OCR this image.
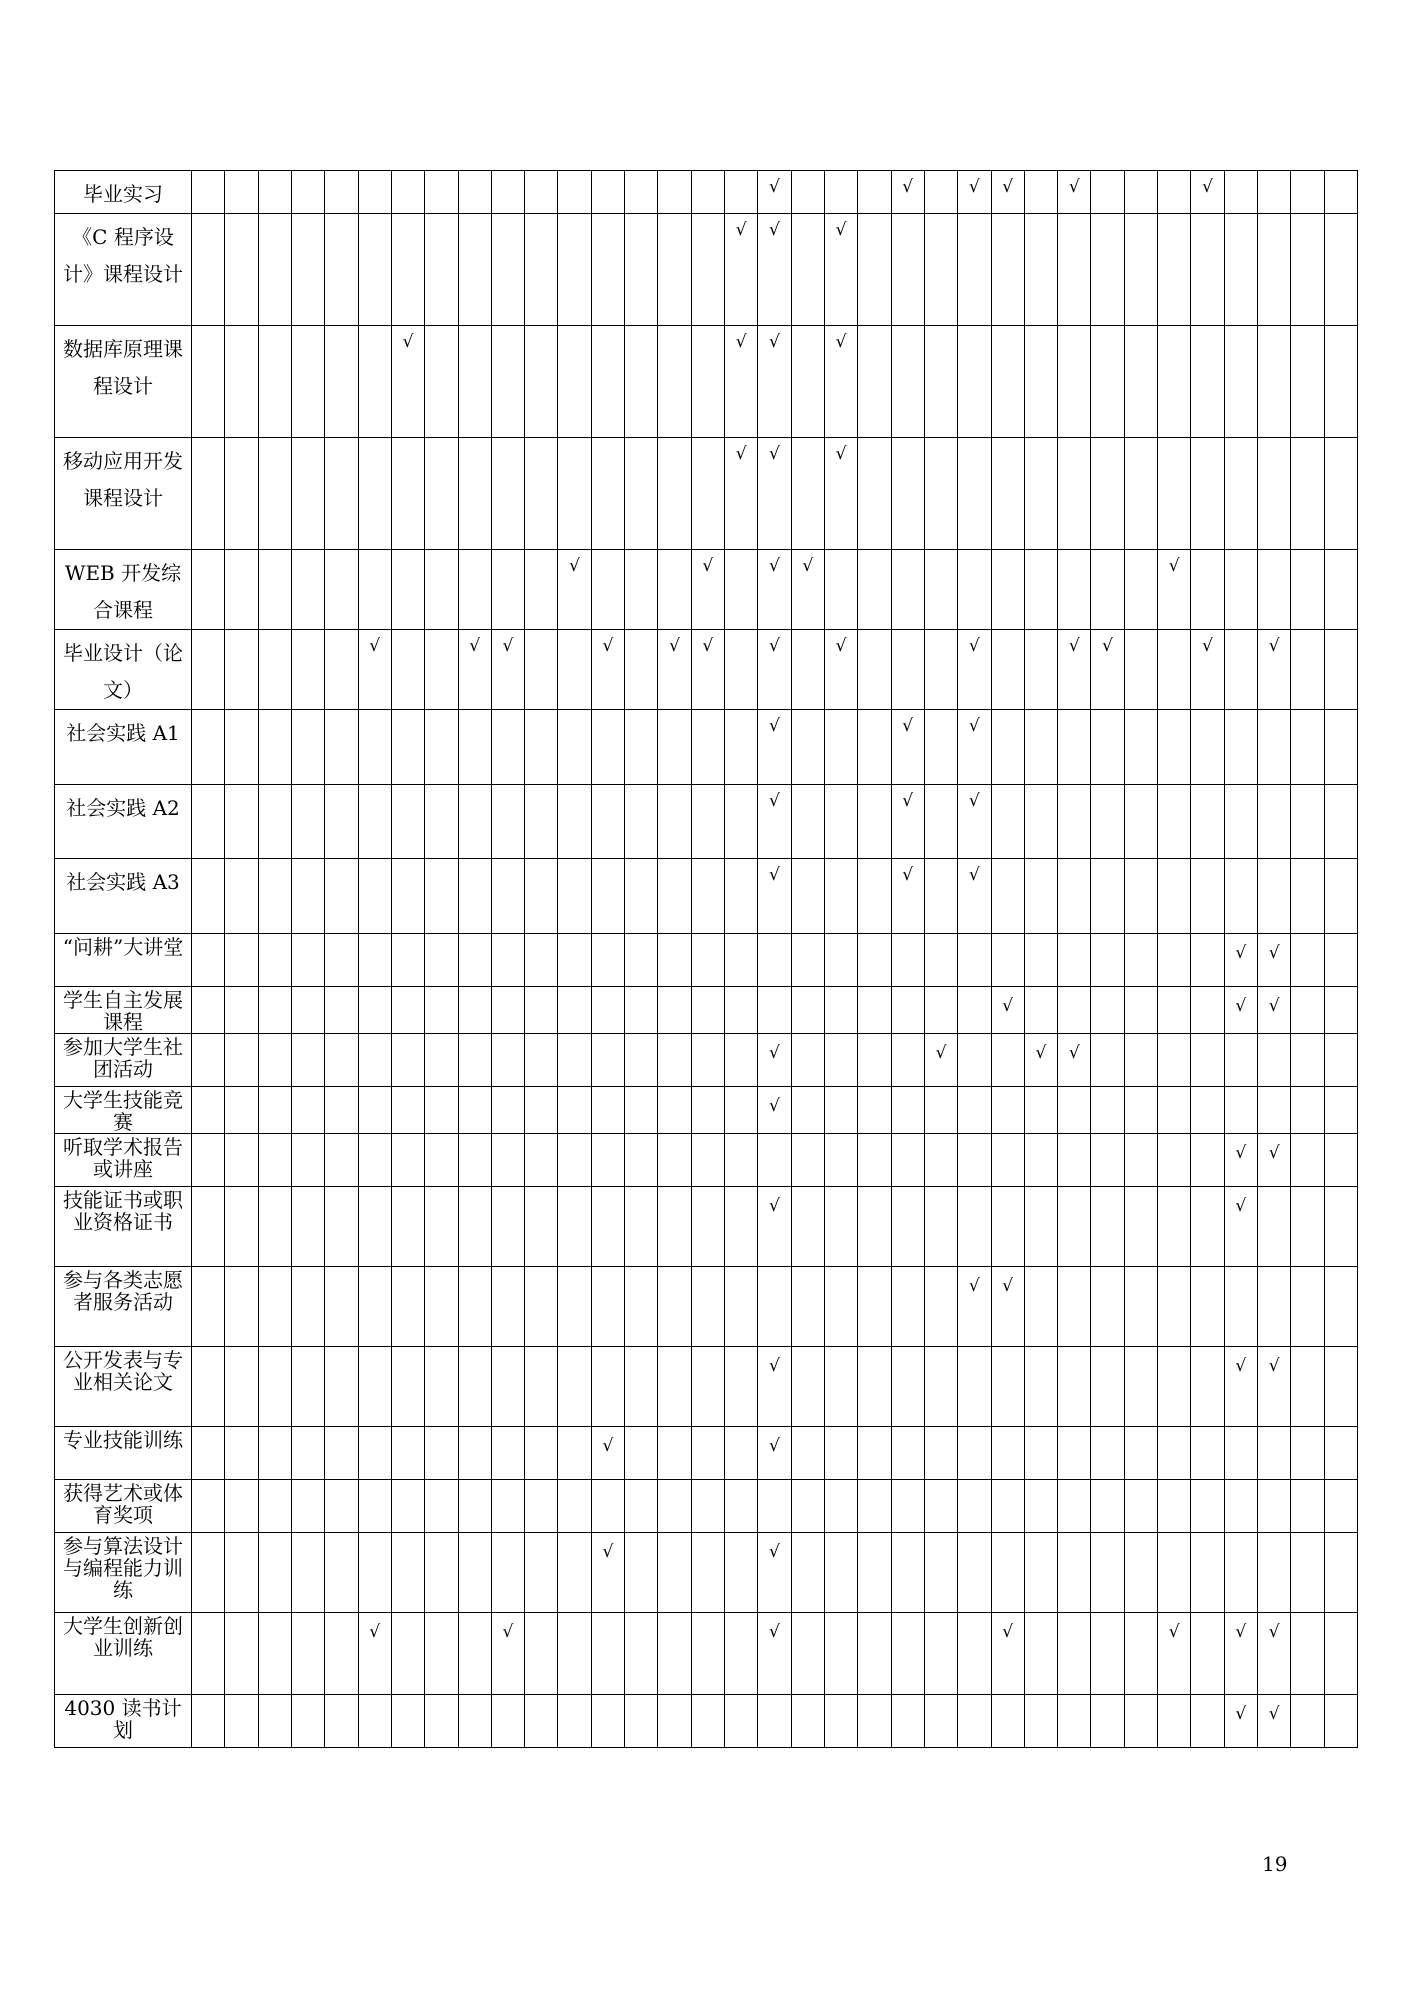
毕业实习																		√				√		√	√		√				√				
《C 程序设计》课程设计																	√	√		√															
数据库原理课程设计							√										√	√		√															
移动应用开发课程设计																	√	√		√															
WEB 开发综合课程												√				√		√	√											√					
毕业设计（论文）						√			√	√			√		√	√		√		√				√			√	√			√		√		
社会实践 A1																		√				√		√											
社会实践 A2																		√				√		√											
社会实践 A3																		√				√		√											
“问耕”大讲堂																																√	√		
学生自主发展课程																									√							√	√		
参加大学生社团活动																		√					√			√	√								
大学生技能竞赛																		√																	
听取学术报告或讲座																																√	√		
技能证书或职业资格证书																		√														√			
参与各类志愿者服务活动																								√	√										
公开发表与专业相关论文																		√														√	√		
专业技能训练													√					√																	
获得艺术或体育奖项																																			
参与算法设计与编程能力训练													√					√																	
大学生创新创业训练						√				√								√							√					√		√	√		
4030 读书计划																																√	√		
19
